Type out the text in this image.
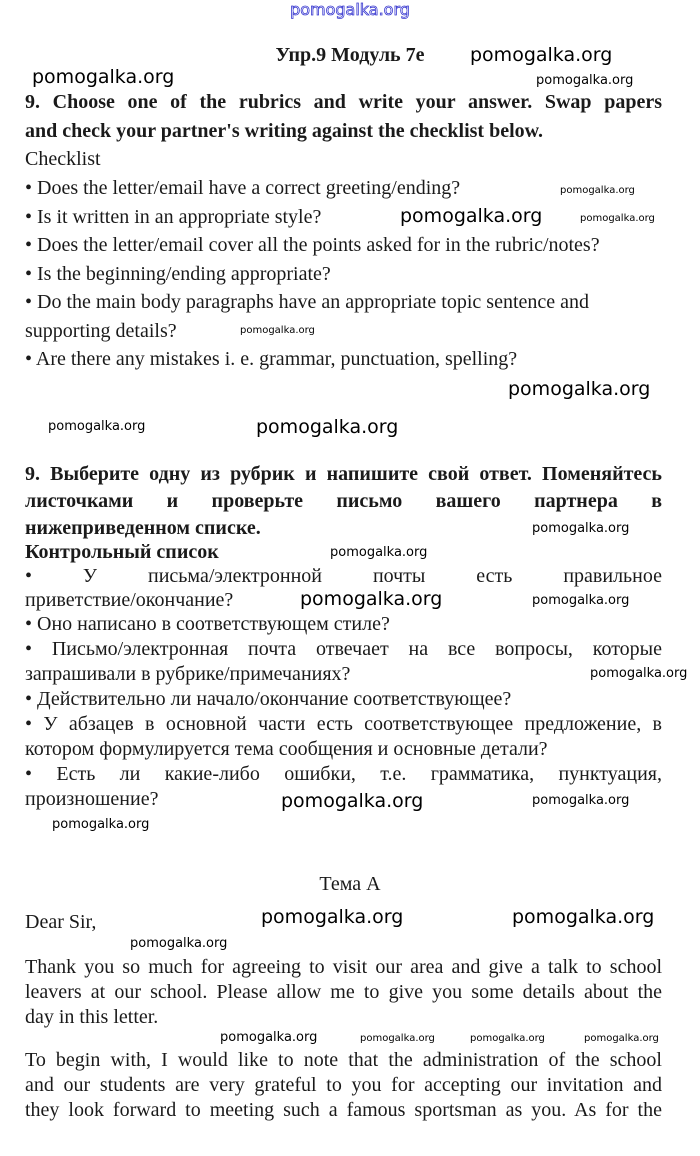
pomogalka.org
Упр.9 Модуль 7е
9. Choose one of the rubrics and write your answer. Swap papers
and check your partner's writing against the checklist below.
Checklist
• Does the letter/email have a correct greeting/ending?
• Is it written in an appropriate style?
• Does the letter/email cover all the points asked for in the rubric/notes?
• Is the beginning/ending appropriate?
• Do the main body paragraphs have an appropriate topic sentence and
supporting details?
• Are there any mistakes i. e. grammar, punctuation, spelling?
9. Выберите одну из рубрик и напишите свой ответ. Поменяйтесь
листочками и проверьте письмо вашего партнера в
нижеприведенном списке.
Контрольный список
• У письма/электронной почты есть правильное
приветствие/окончание?
• Оно написано в соответствующем стиле?
• Письмо/электронная почта отвечает на все вопросы, которые
запрашивали в рубрике/примечаниях?
• Действительно ли начало/окончание соответствующее?
• У абзацев в основной части есть соответствующее предложение, в
котором формулируется тема сообщения и основные детали?
• Есть ли какие-либо ошибки, т.е. грамматика, пунктуация,
произношение?
Тема А
Dear Sir,
Thank you so much for agreeing to visit our area and give a talk to school
leavers at our school. Please allow me to give you some details about the
day in this letter.
To begin with, I would like to note that the administration of the school
and our students are very grateful to you for accepting our invitation and
they look forward to meeting such a famous sportsman as you. As for the
pomogalka.org
pomogalka.org
pomogalka.org
pomogalka.org
pomogalka.org	pomogalka.org
pomogalka.org
pomogalka.org
pomogalka.org	pomogalka.org
pomogalka.org
pomogalka.org
pomogalka.org	pomogalka.org
pomogalka.org
pomogalka.org	pomogalka.org
pomogalka.org
pomogalka.org	pomogalka.org
pomogalka.org
pomogalka.org	pomogalka.org	pomogalka.org	pomogalka.org
